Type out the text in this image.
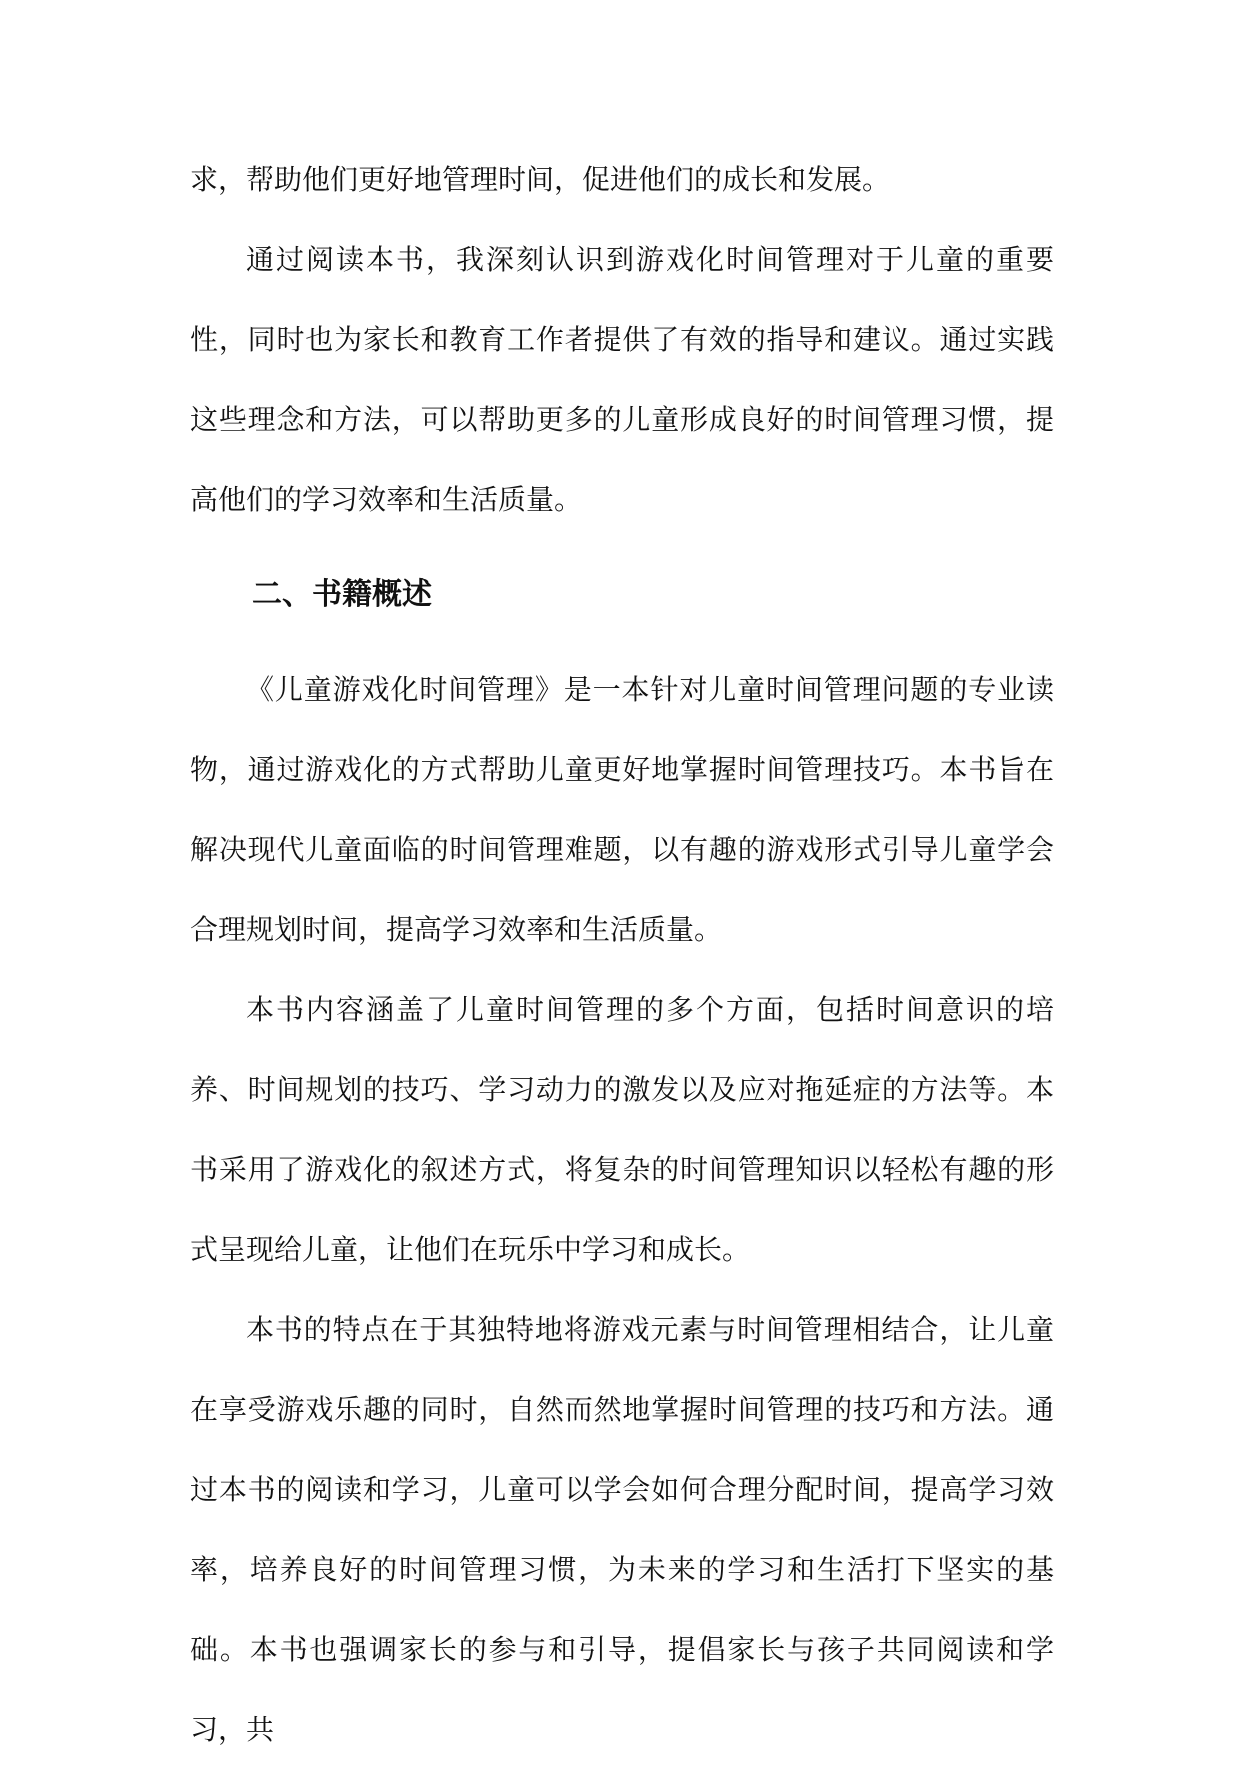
求，帮助他们更好地管理时间，促进他们的成长和发展。

通过阅读本书，我深刻认识到游戏化时间管理对于儿童的重要性，同时也为家长和教育工作者提供了有效的指导和建议。通过实践这些理念和方法，可以帮助更多的儿童形成良好的时间管理习惯，提高他们的学习效率和生活质量。

二、书籍概述

《儿童游戏化时间管理》是一本针对儿童时间管理问题的专业读物，通过游戏化的方式帮助儿童更好地掌握时间管理技巧。本书旨在解决现代儿童面临的时间管理难题，以有趣的游戏形式引导儿童学会合理规划时间，提高学习效率和生活质量。

本书内容涵盖了儿童时间管理的多个方面，包括时间意识的培养、时间规划的技巧、学习动力的激发以及应对拖延症的方法等。本书采用了游戏化的叙述方式，将复杂的时间管理知识以轻松有趣的形式呈现给儿童，让他们在玩乐中学习和成长。

本书的特点在于其独特地将游戏元素与时间管理相结合，让儿童在享受游戏乐趣的同时，自然而然地掌握时间管理的技巧和方法。通过本书的阅读和学习，儿童可以学会如何合理分配时间，提高学习效率，培养良好的时间管理习惯，为未来的学习和生活打下坚实的基础。本书也强调家长的参与和引导，提倡家长与孩子共同阅读和学习，共
